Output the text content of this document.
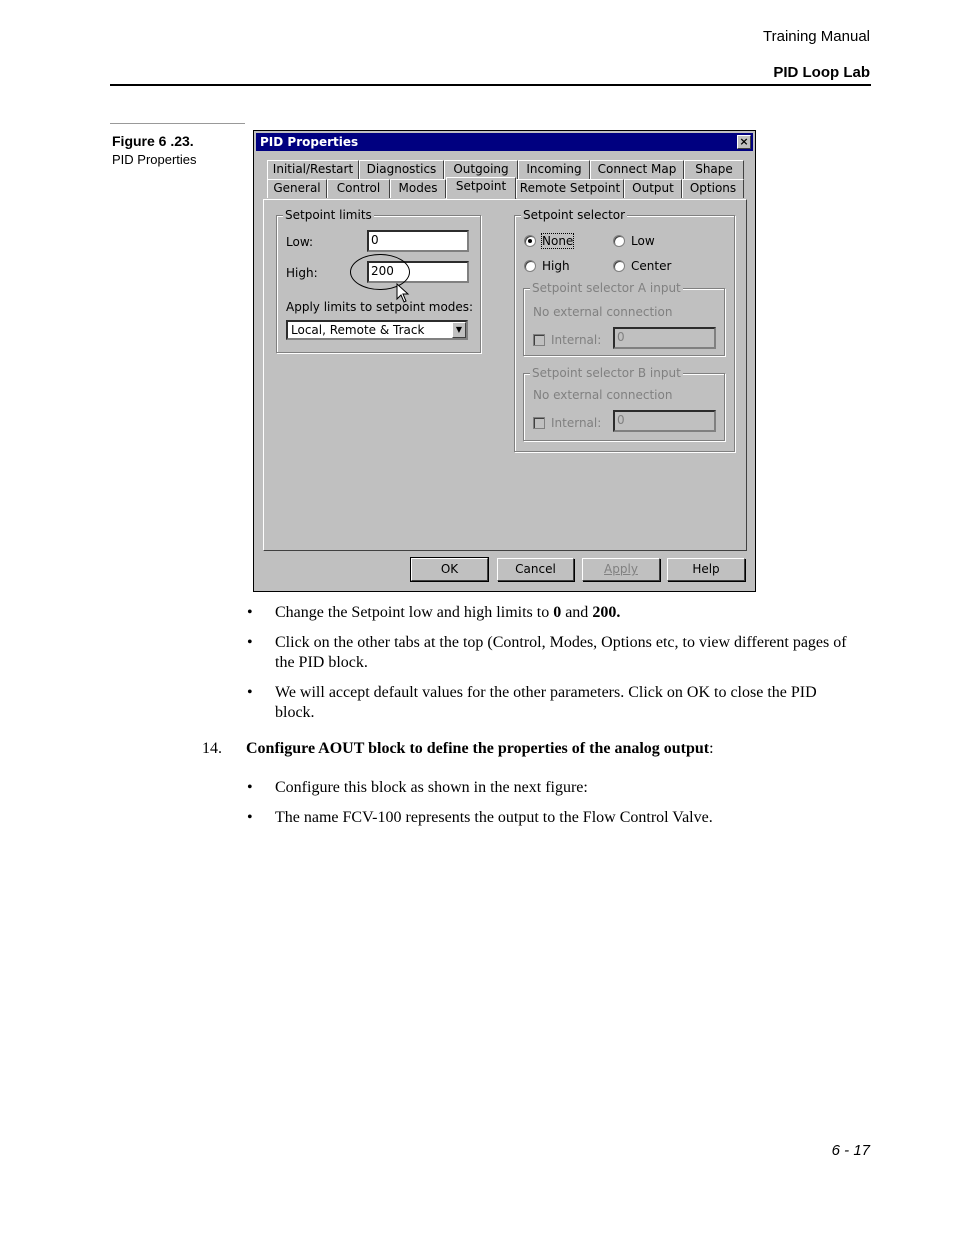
Training Manual
PID Loop Lab
Figure 6 .23.
PID Properties
PID Properties	×
Initial/Restart	Diagnostics	Outgoing	Incoming	Connect Map	Shape
General	Control	Modes	Setpoint	Remote Setpoint Output	Options
Setpoint limits
Low:	0
High:	200
Apply limits to setpoint modes:
Local, Remote & Track	▼
Setpoint selector
None	Low
High	Center
Setpoint selector A input
No external connection
Internal:	0
Setpoint selector B input
No external connection
Internal:	0
OK	Cancel	Apply	Help
• Change the Setpoint low and high limits to 0 and 200.
• Click on the other tabs at the top (Control, Modes, Options etc, to view different pages of the PID block.
• We will accept default values for the other parameters. Click on OK to close the PID block.
14. Configure AOUT block to define the properties of the analog output:
• Configure this block as shown in the next figure:
• The name FCV-100 represents the output to the Flow Control Valve.
6 - 17
